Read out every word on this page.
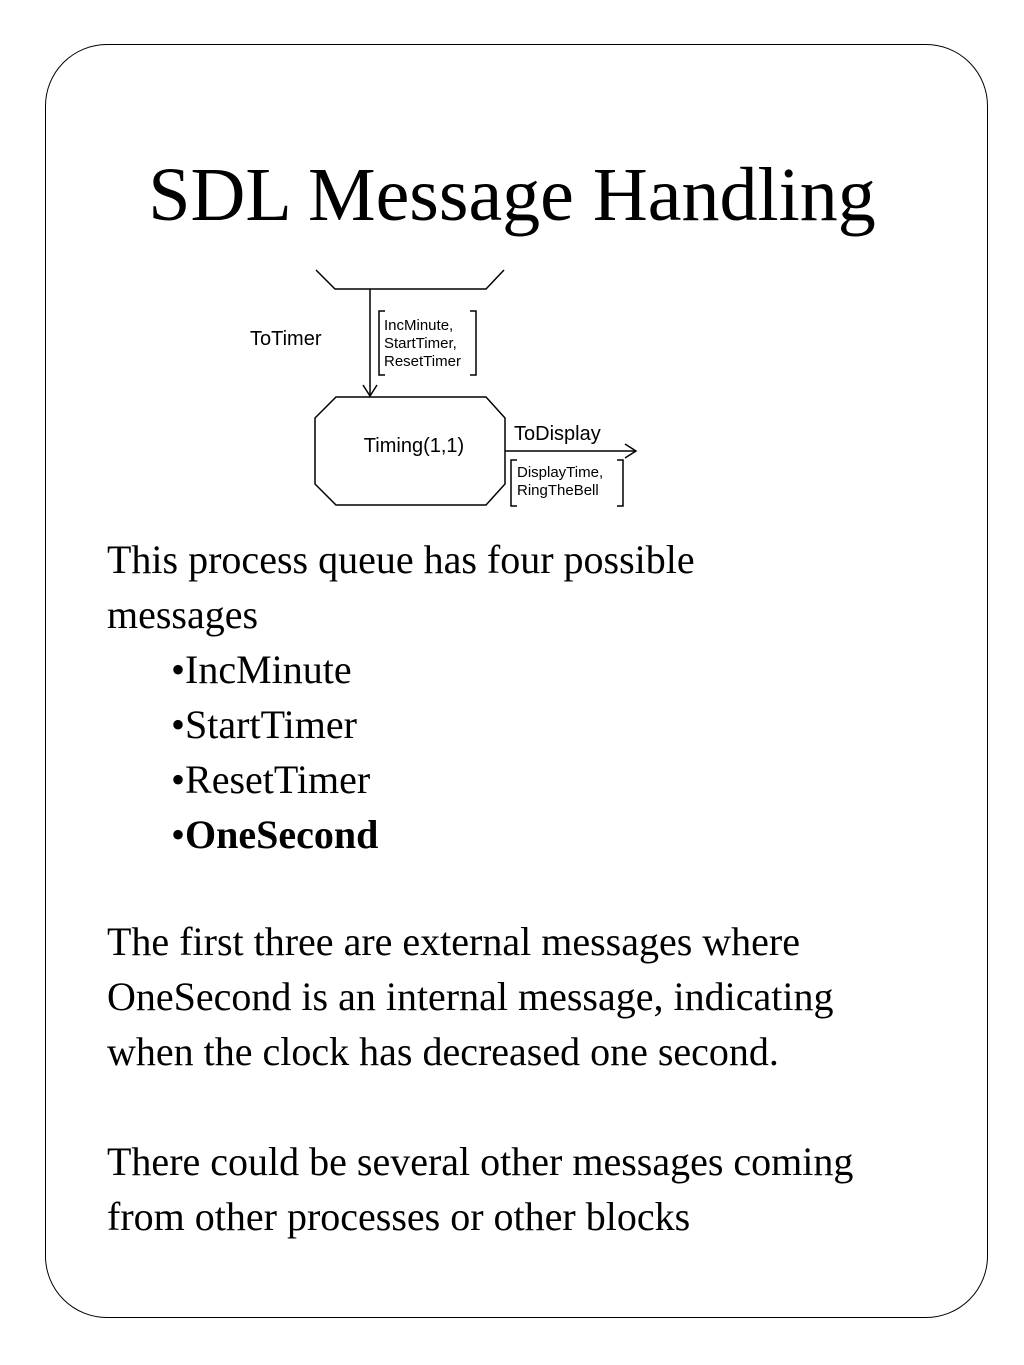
SDL Message Handling
ToTimer
IncMinute,
StartTimer,
ResetTimer
Timing(1,1)
ToDisplay
DisplayTime,
RingTheBell

This process queue has four possible

messages

•IncMinute
•StartTimer
•ResetTimer
•OneSecond

The first three are external messages where

OneSecond is an internal message, indicating

when the clock has decreased one second.

There could be several other messages coming

from other processes or other blocks
